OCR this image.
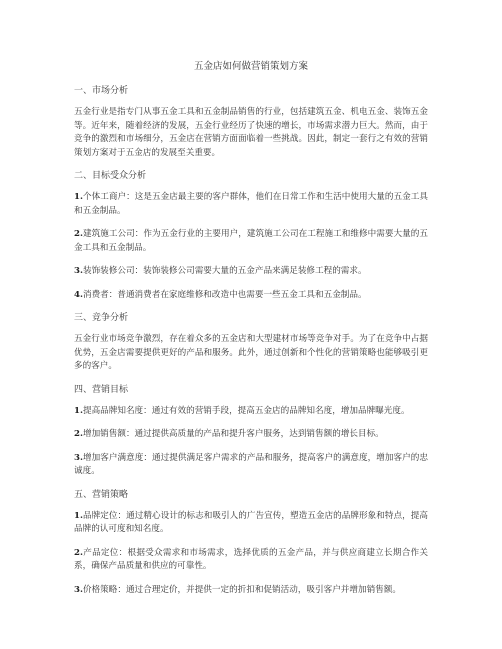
五金店如何做营销策划方案
一、市场分析
五金行业是指专门从事五金工具和五金制品销售的行业，包括建筑五金、机电五金、装饰五金等。近年来，随着经济的发展，五金行业经历了快速的增长，市场需求潜力巨大。然而，由于竞争的激烈和市场细分，五金店在营销方面面临着一些挑战。因此，制定一套行之有效的营销策划方案对于五金店的发展至关重要。
二、目标受众分析
1.个体工商户：这是五金店最主要的客户群体，他们在日常工作和生活中使用大量的五金工具和五金制品。
2.建筑施工公司：作为五金行业的主要用户，建筑施工公司在工程施工和维修中需要大量的五金工具和五金制品。
3.装饰装修公司：装饰装修公司需要大量的五金产品来满足装修工程的需求。
4.消费者：普通消费者在家庭维修和改造中也需要一些五金工具和五金制品。
三、竞争分析
五金行业市场竞争激烈，存在着众多的五金店和大型建材市场等竞争对手。为了在竞争中占据优势，五金店需要提供更好的产品和服务。此外，通过创新和个性化的营销策略也能够吸引更多的客户。
四、营销目标
1.提高品牌知名度：通过有效的营销手段，提高五金店的品牌知名度，增加品牌曝光度。
2.增加销售额：通过提供高质量的产品和提升客户服务，达到销售额的增长目标。
3.增加客户满意度：通过提供满足客户需求的产品和服务，提高客户的满意度，增加客户的忠诚度。
五、营销策略
1.品牌定位：通过精心设计的标志和吸引人的广告宣传，塑造五金店的品牌形象和特点，提高品牌的认可度和知名度。
2.产品定位：根据受众需求和市场需求，选择优质的五金产品，并与供应商建立长期合作关系，确保产品质量和供应的可靠性。
3.价格策略：通过合理定价，并提供一定的折扣和促销活动，吸引客户并增加销售额。
